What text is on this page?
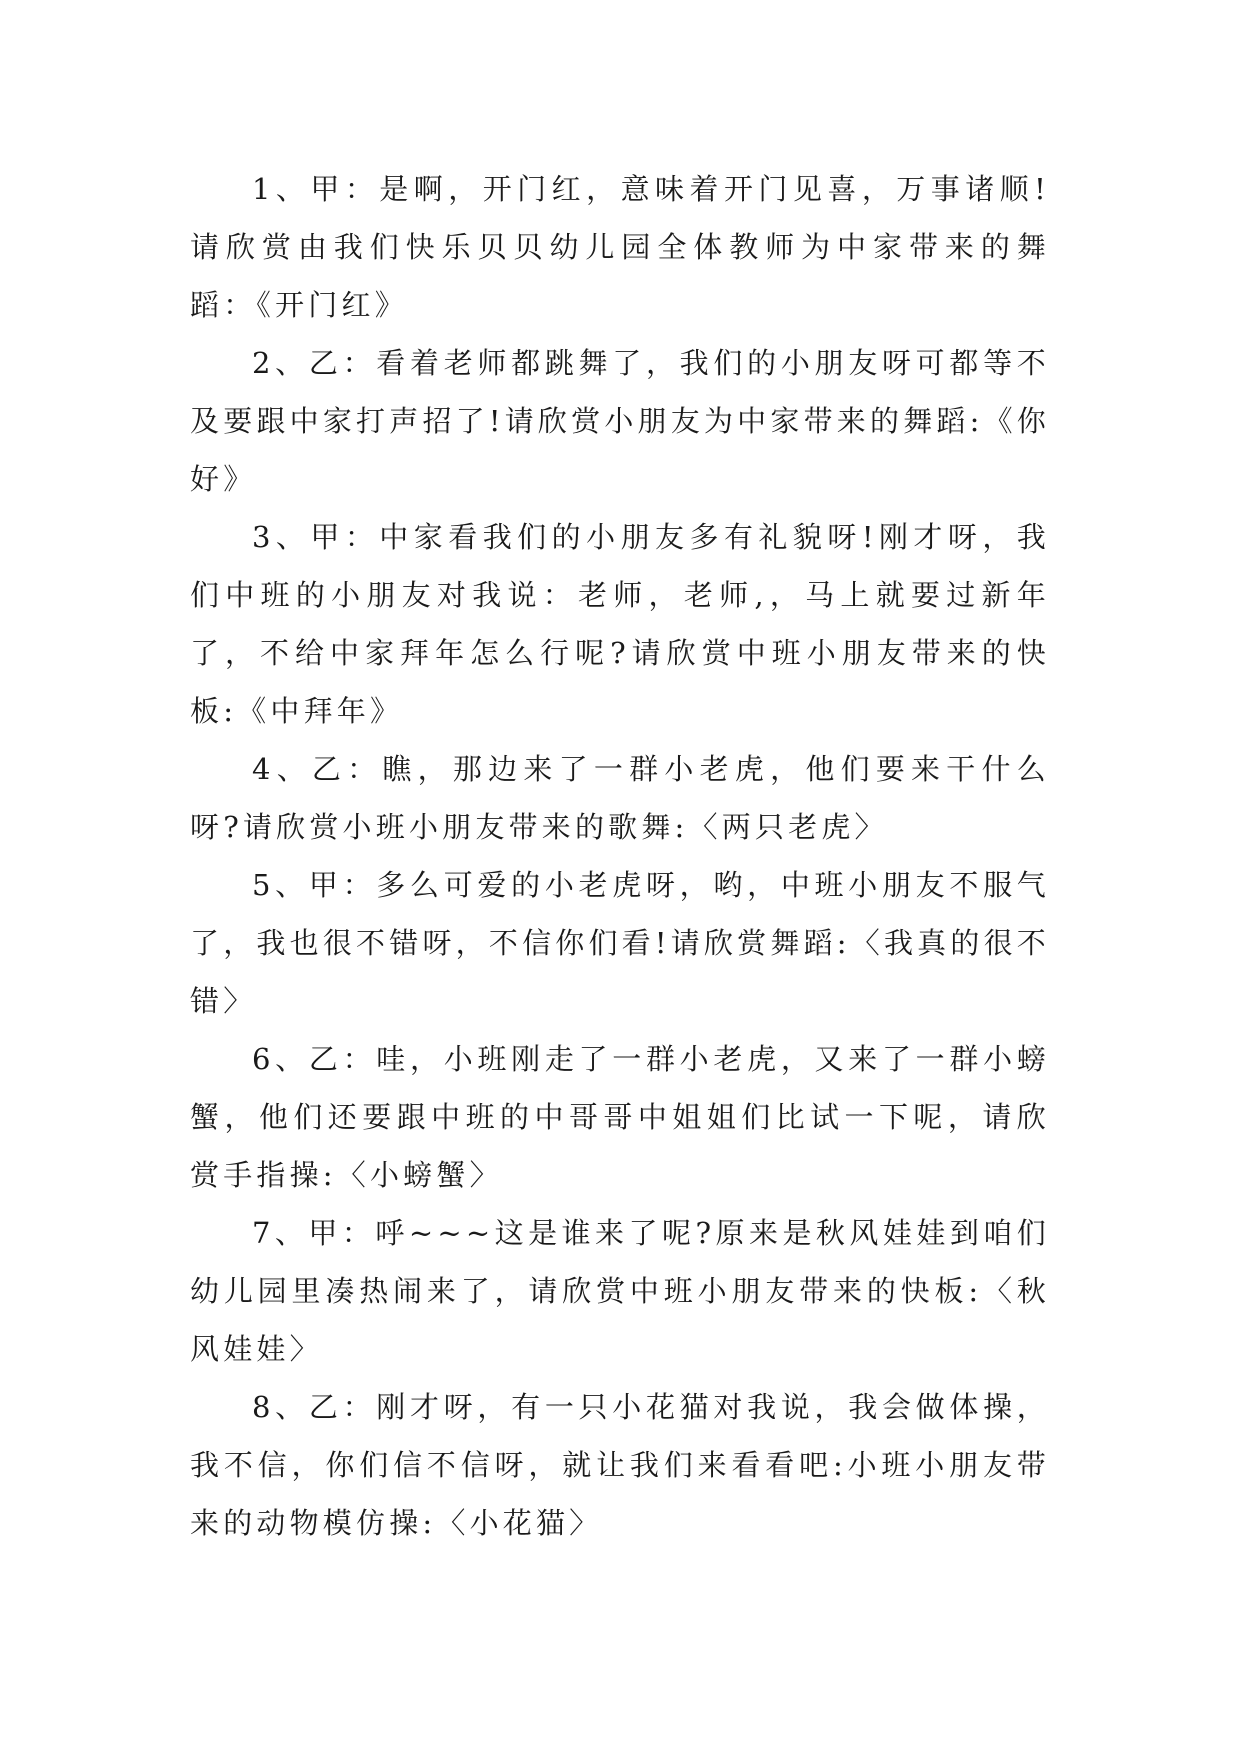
1、甲：是啊，开门红，意味着开门见喜，万事诸顺!请欣赏由我们快乐贝贝幼儿园全体教师为中家带来的舞蹈：《开门红》

2、乙：看着老师都跳舞了，我们的小朋友呀可都等不及要跟中家打声招了!请欣赏小朋友为中家带来的舞蹈:《你好》

3、甲：中家看我们的小朋友多有礼貌呀!刚才呀，我们中班的小朋友对我说：老师，老师,，马上就要过新年了，不给中家拜年怎么行呢?请欣赏中班小朋友带来的快板:《中拜年》

4、乙：瞧，那边来了一群小老虎，他们要来干什么呀?请欣赏小班小朋友带来的歌舞:〈两只老虎〉

5、甲：多么可爱的小老虎呀，哟，中班小朋友不服气了，我也很不错呀，不信你们看!请欣赏舞蹈:〈我真的很不错〉

6、乙：哇，小班刚走了一群小老虎，又来了一群小螃蟹，他们还要跟中班的中哥哥中姐姐们比试一下呢，请欣赏手指操:〈小螃蟹〉

7、甲：呼~~~这是谁来了呢?原来是秋风娃娃到咱们幼儿园里凑热闹来了，请欣赏中班小朋友带来的快板:〈秋风娃娃〉

8、乙：刚才呀，有一只小花猫对我说，我会做体操，我不信，你们信不信呀，就让我们来看看吧:小班小朋友带来的动物模仿操:〈小花猫〉
